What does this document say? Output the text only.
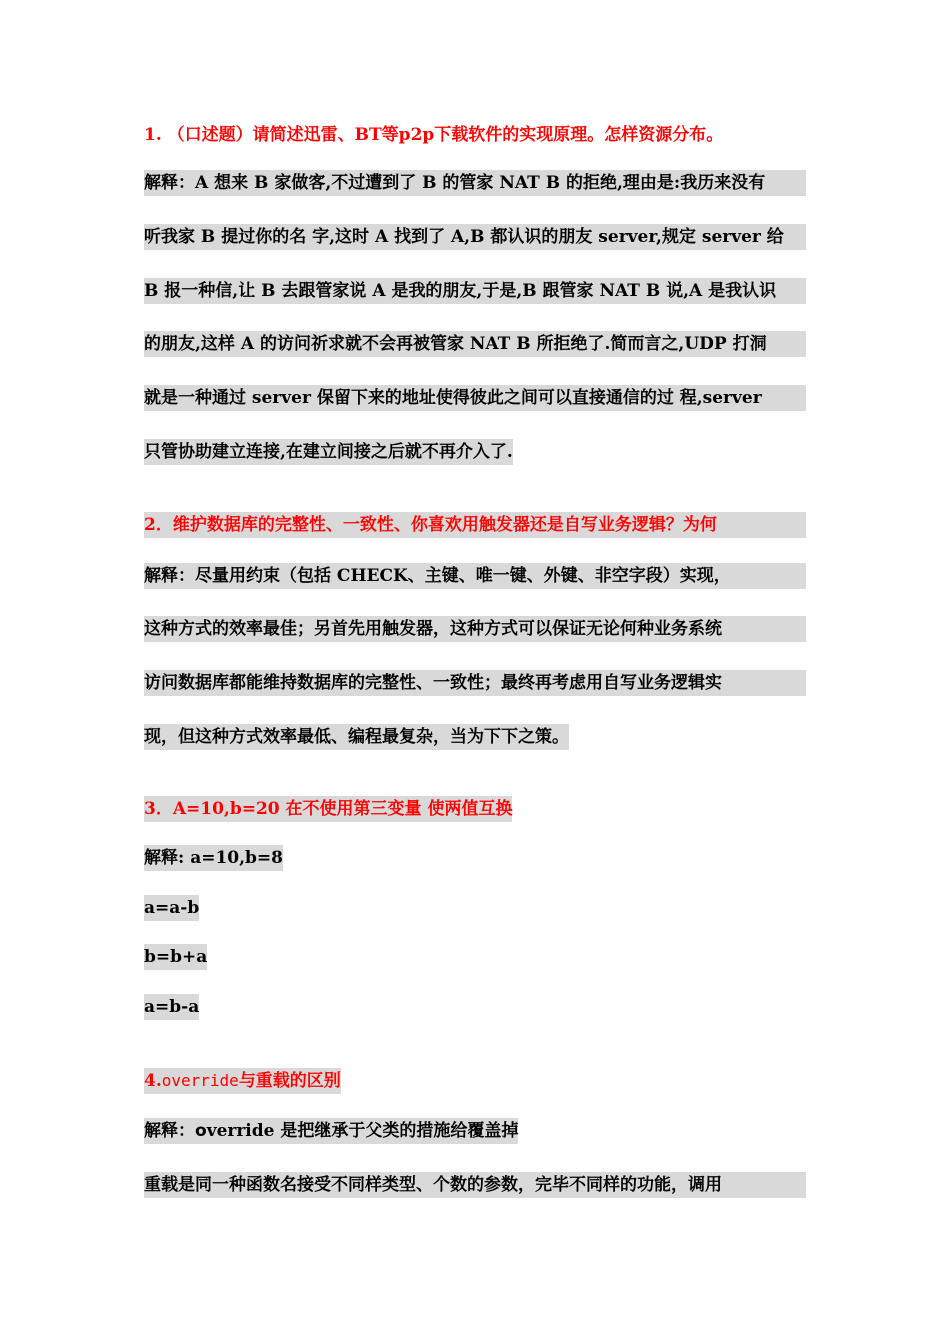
1. （口述题）请简述迅雷、BT等p2p下载软件的实现原理。怎样资源分布。
解释：A 想来 B 家做客,不过遭到了 B 的管家 NAT B 的拒绝,理由是:我历来没有
听我家 B 提过你的名 字,这时 A 找到了 A,B 都认识的朋友 server,规定 server 给
B 报一种信,让 B 去跟管家说 A 是我的朋友,于是,B 跟管家 NAT B 说,A 是我认识
的朋友,这样 A 的访问祈求就不会再被管家 NAT B 所拒绝了.简而言之,UDP 打洞
就是一种通过 server 保留下来的地址使得彼此之间可以直接通信的过 程,server
只管协助建立连接,在建立间接之后就不再介入了.
2．维护数据库的完整性、一致性、你喜欢用触发器还是自写业务逻辑？为何
解释：尽量用约束（包括 CHECK、主键、唯一键、外键、非空字段）实现，
这种方式的效率最佳；另首先用触发器，这种方式可以保证无论何种业务系统
访问数据库都能维持数据库的完整性、一致性；最终再考虑用自写业务逻辑实
现，但这种方式效率最低、编程最复杂，当为下下之策。
3．A=10,b=20 在不使用第三变量 使两值互换
解释: a=10,b=8
a=a-b
b=b+a
a=b-a
4.override与重载的区别
解释：override 是把继承于父类的措施给覆盖掉
重载是同一种函数名接受不同样类型、个数的参数，完毕不同样的功能，调用
